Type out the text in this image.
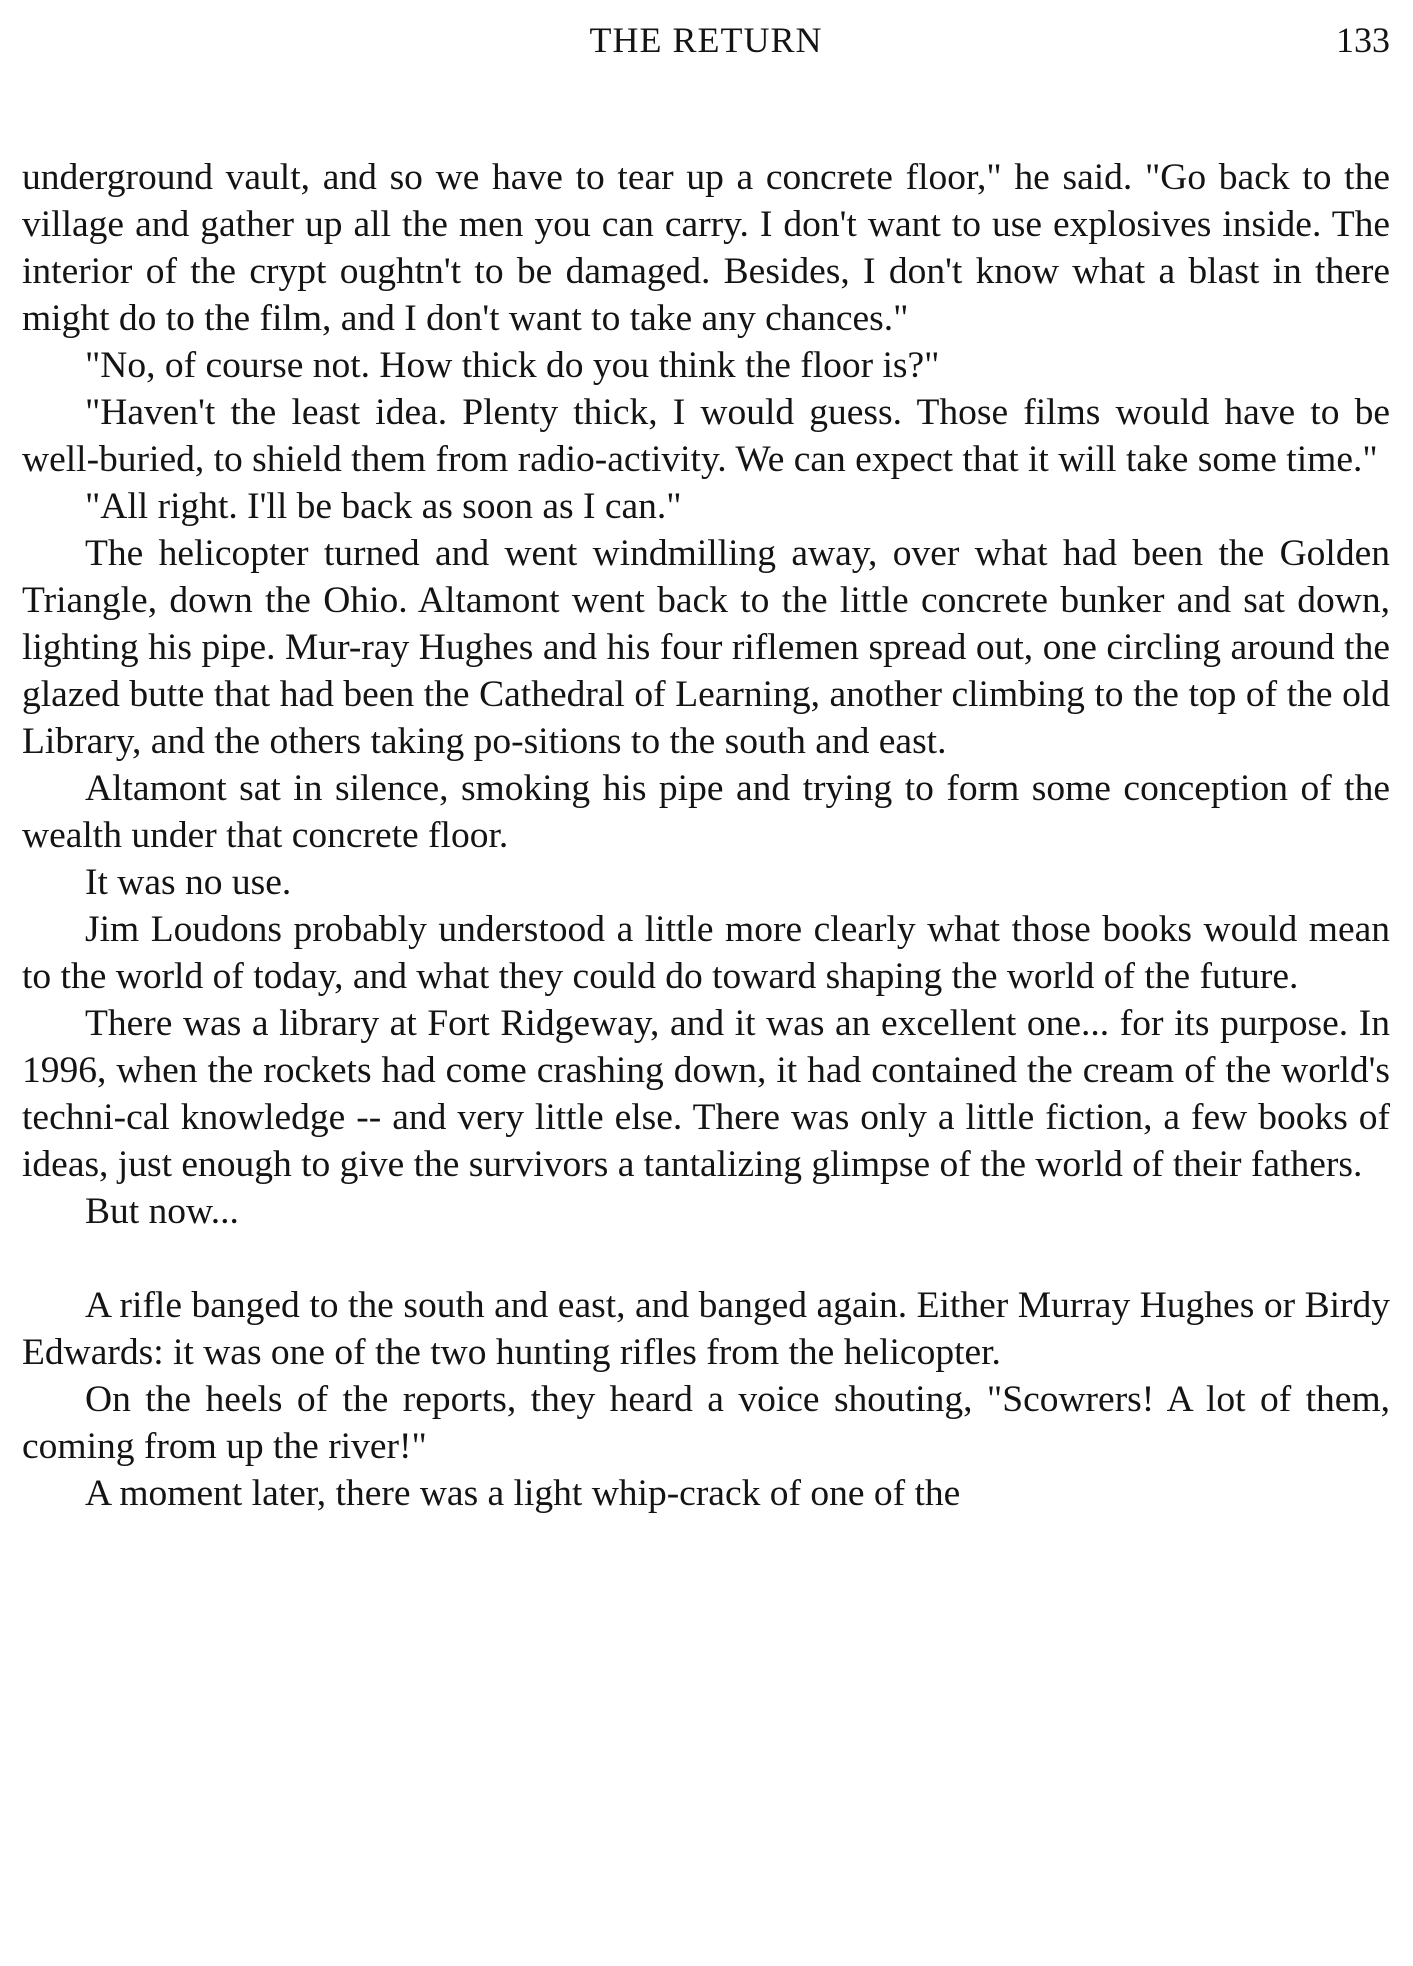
THE RETURN	133

underground vault, and so we have to tear up a concrete floor," he said. "Go back to the village and gather up all the men you can carry. I don't want to use explosives inside. The interior of the crypt oughtn't to be damaged. Besides, I don't know what a blast in there might do to the film, and I don't want to take any chances."

"No, of course not. How thick do you think the floor is?"

"Haven't the least idea. Plenty thick, I would guess. Those films would have to be well-buried, to shield them from radio-activity. We can expect that it will take some time."

"All right. I'll be back as soon as I can."

The helicopter turned and went windmilling away, over what had been the Golden Triangle, down the Ohio. Altamont went back to the little concrete bunker and sat down, lighting his pipe. Mur-ray Hughes and his four riflemen spread out, one circling around the glazed butte that had been the Cathedral of Learning, another climbing to the top of the old Library, and the others taking po-sitions to the south and east.

Altamont sat in silence, smoking his pipe and trying to form some conception of the wealth under that concrete floor.

It was no use.

Jim Loudons probably understood a little more clearly what those books would mean to the world of today, and what they could do toward shaping the world of the future.

There was a library at Fort Ridgeway, and it was an excellent one... for its purpose. In 1996, when the rockets had come crashing down, it had contained the cream of the world's techni-cal knowledge -- and very little else. There was only a little fiction, a few books of ideas, just enough to give the survivors a tantalizing glimpse of the world of their fathers.

But now...

A rifle banged to the south and east, and banged again. Either Murray Hughes or Birdy Edwards: it was one of the two hunting rifles from the helicopter.

On the heels of the reports, they heard a voice shouting, "Scowrers! A lot of them, coming from up the river!"

A moment later, there was a light whip-crack of one of the
